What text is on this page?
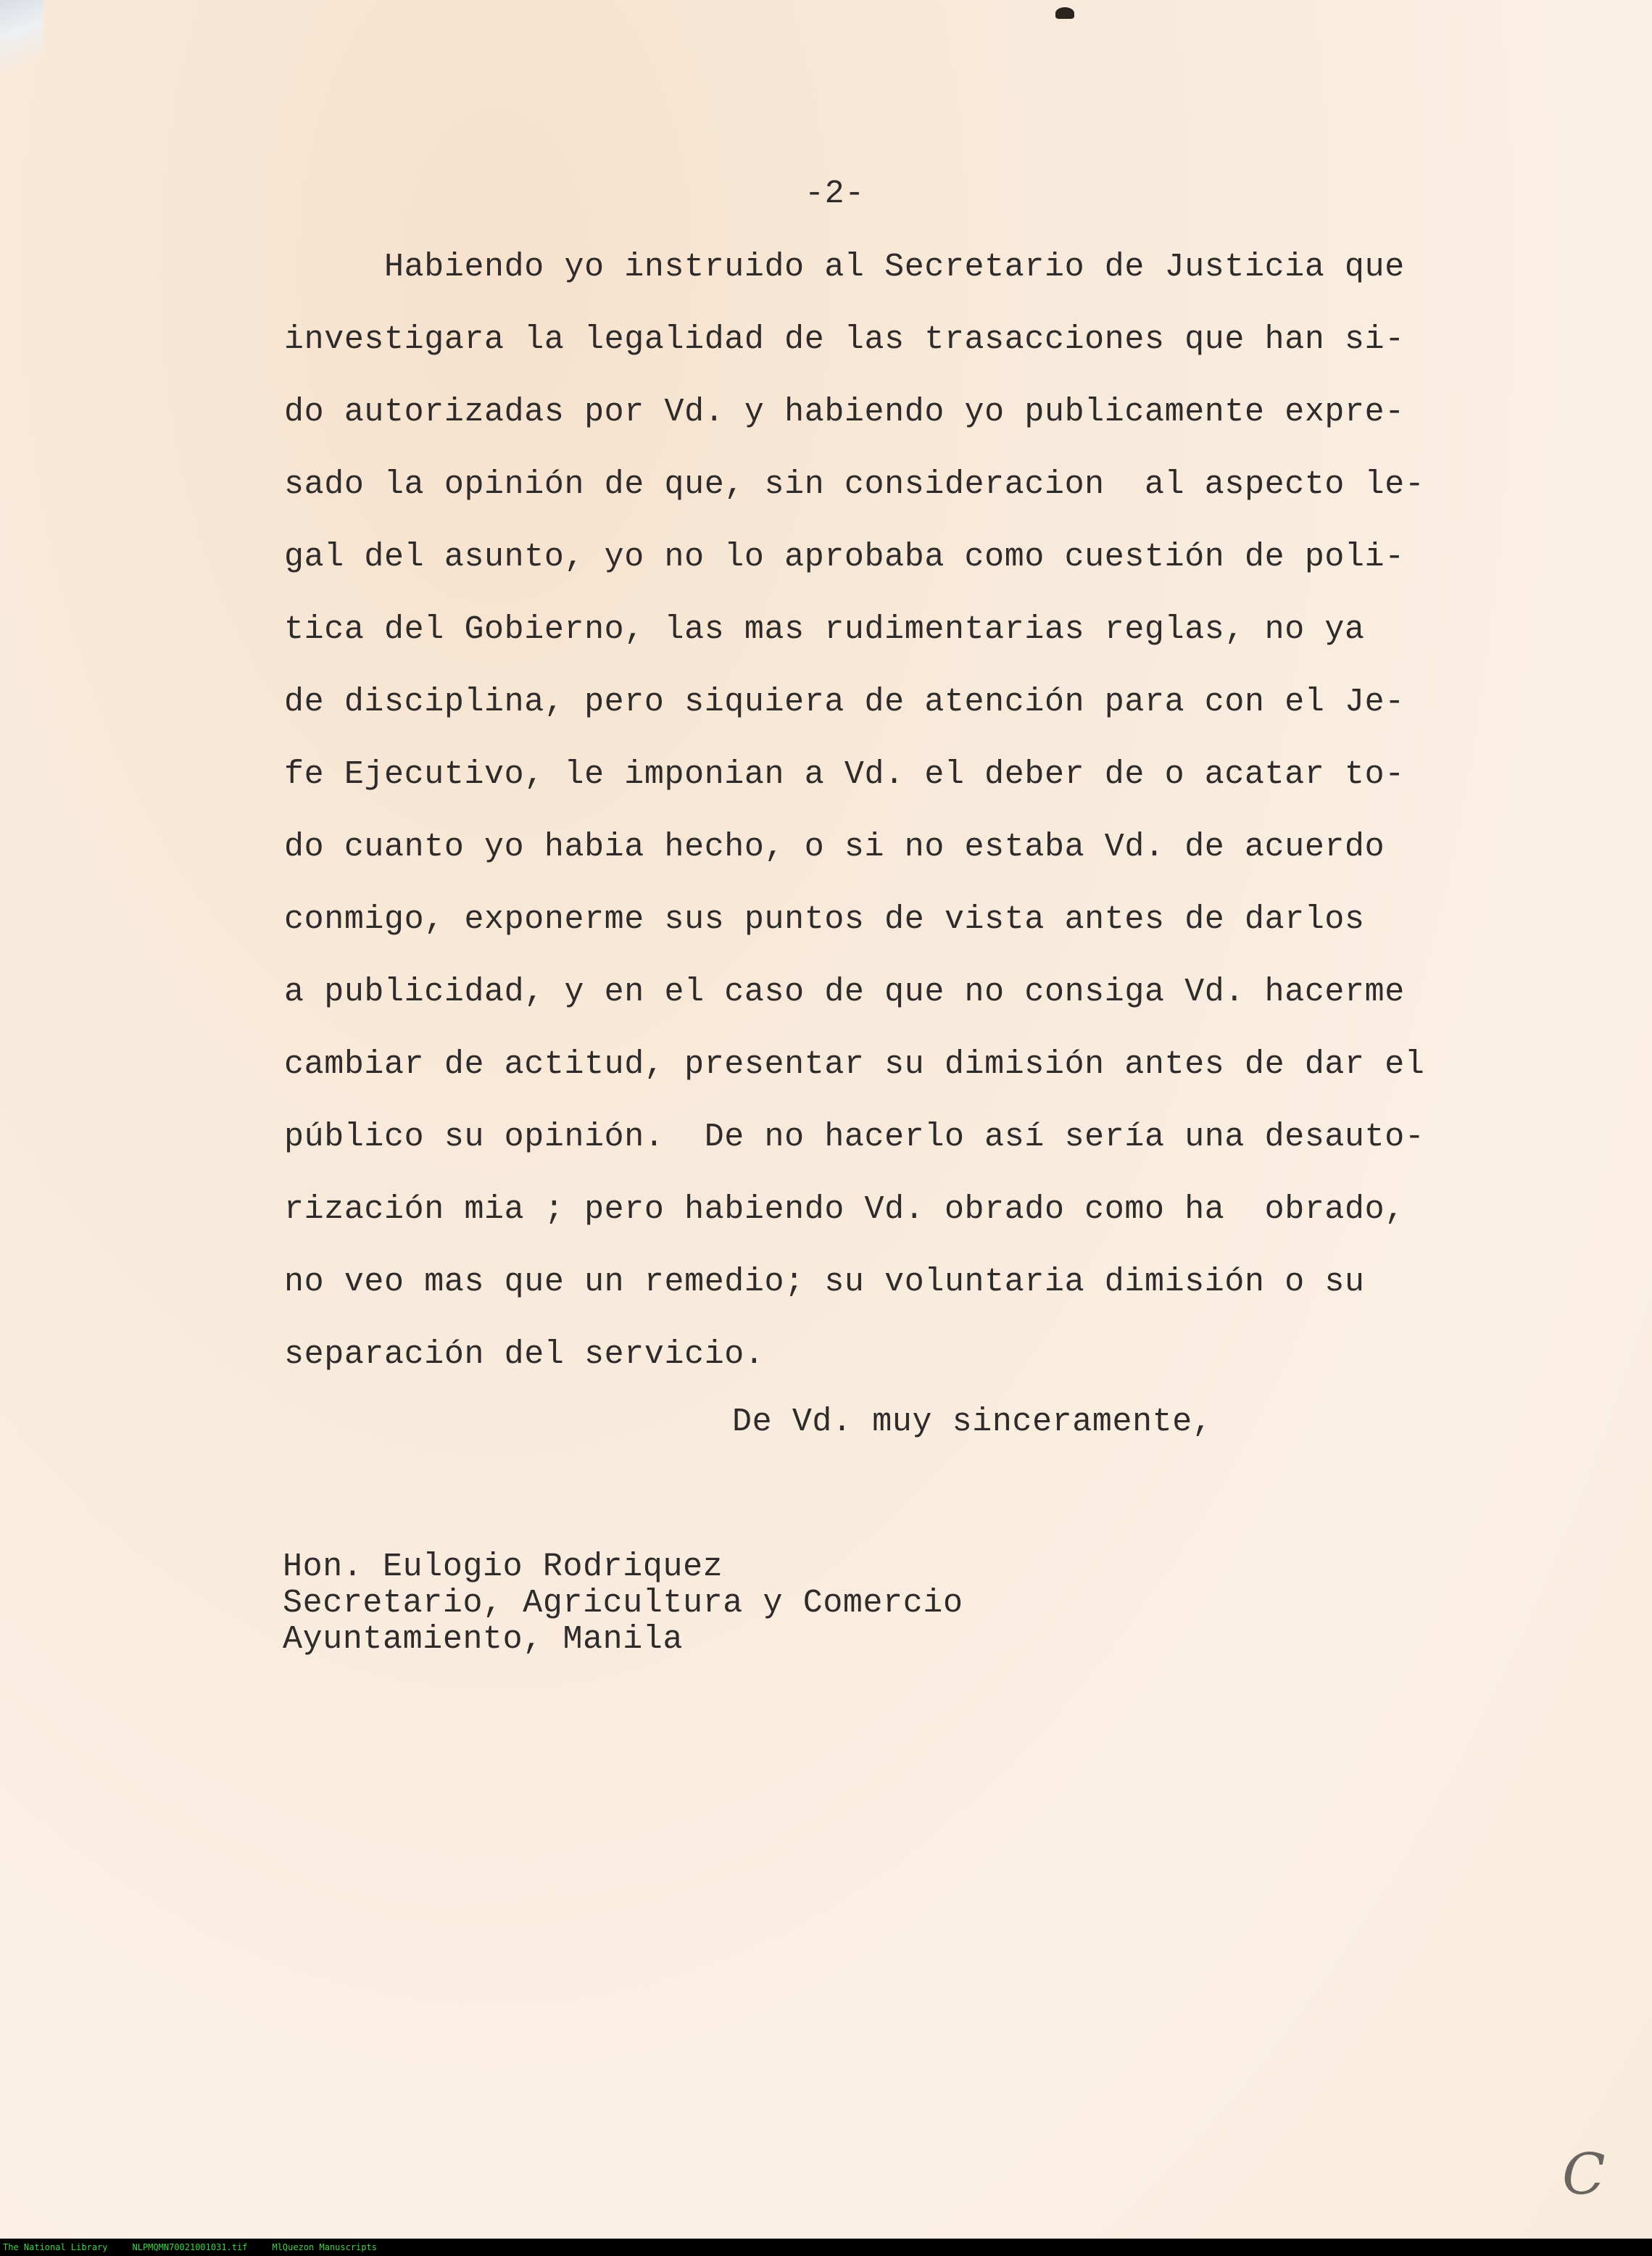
-2-
Habiendo yo instruido al Secretario de Justicia que
investigara la legalidad de las trasacciones que han si-
do autorizadas por Vd. y habiendo yo publicamente expre-
sado la opinión de que, sin consideracion  al aspecto le-
gal del asunto, yo no lo aprobaba como cuestión de poli-
tica del Gobierno, las mas rudimentarias reglas, no ya
de disciplina, pero siquiera de atención para con el Je-
fe Ejecutivo, le imponian a Vd. el deber de o acatar to-
do cuanto yo habia hecho, o si no estaba Vd. de acuerdo
conmigo, exponerme sus puntos de vista antes de darlos
a publicidad, y en el caso de que no consiga Vd. hacerme
cambiar de actitud, presentar su dimisión antes de dar el
público su opinión.  De no hacerlo así sería una desauto-
rización mia ; pero habiendo Vd. obrado como ha  obrado,
no veo mas que un remedio; su voluntaria dimisión o su
separación del servicio.
De Vd. muy sinceramente,
Hon. Eulogio Rodriquez
Secretario, Agricultura y Comercio
Ayuntamiento, Manila
C
The National Library	NLPMQMN70021001031.tif	MlQuezon Manuscripts
